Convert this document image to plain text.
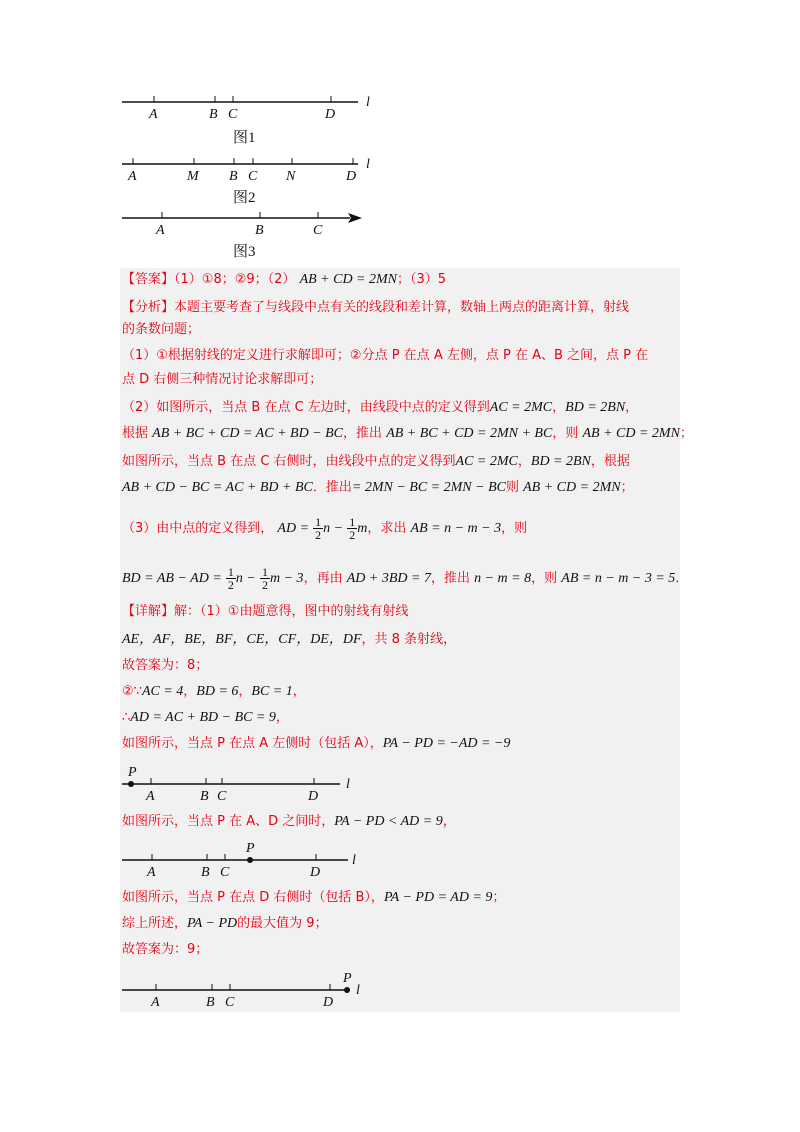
A	B C	D
l
图1
A	M B C N	D
l
图2
A	B	C
图3
【答案】（1）①8；②9；（2） AB + CD = 2MN；（3）5
【分析】本题主要考查了与线段中点有关的线段和差计算，数轴上两点的距离计算，射线
的条数问题；
（1）①根据射线的定义进行求解即可；②分点 P 在点 A 左侧，点 P 在 A、B 之间，点 P 在
点 D 右侧三种情况讨论求解即可；
（2）如图所示，当点 B 在点 C 左边时，由线段中点的定义得到AC = 2MC，BD = 2BN，
根据 AB + BC + CD = AC + BD − BC，推出 AB + BC + CD = 2MN + BC，则 AB + CD = 2MN；
如图所示，当点 B 在点 C 右侧时，由线段中点的定义得到AC = 2MC，BD = 2BN，根据
AB + CD − BC = AC + BD + BC．推出= 2MN − BC = 2MN − BC则 AB + CD = 2MN；
（3）由中点的定义得到， AD = $\frac{1}{2}$ $n - \frac{1}{2}$ m，求出 AB = n − m − 3，则
BD = AB − AD = $\frac{1}{2}$ $n - \frac{1}{2}$ m − 3，再由 AD + 3BD = 7，推出 n − m = 8，则 AB = n − m − 3 = 5．
【详解】解：（1）①由题意得，图中的射线有射线
AE，AF，BE，BF，CE，CF，DE，DF，共 8 条射线，
故答案为：8；
②∵AC = 4，BD = 6，BC = 1，
∴AD = AC + BD − BC = 9，
如图所示，当点 P 在点 A 左侧时（包括 A），PA − PD = −AD = −9
P
A	B C	D
l
如图所示，当点 P 在 A、D 之间时，PA − PD < AD = 9，
P
A	B C	D
l
如图所示，当点 P 在点 D 右侧时（包括 B），PA − PD = AD = 9；
综上所述，PA − PD的最大值为 9；
故答案为：9；
P
A	B C	D
l
